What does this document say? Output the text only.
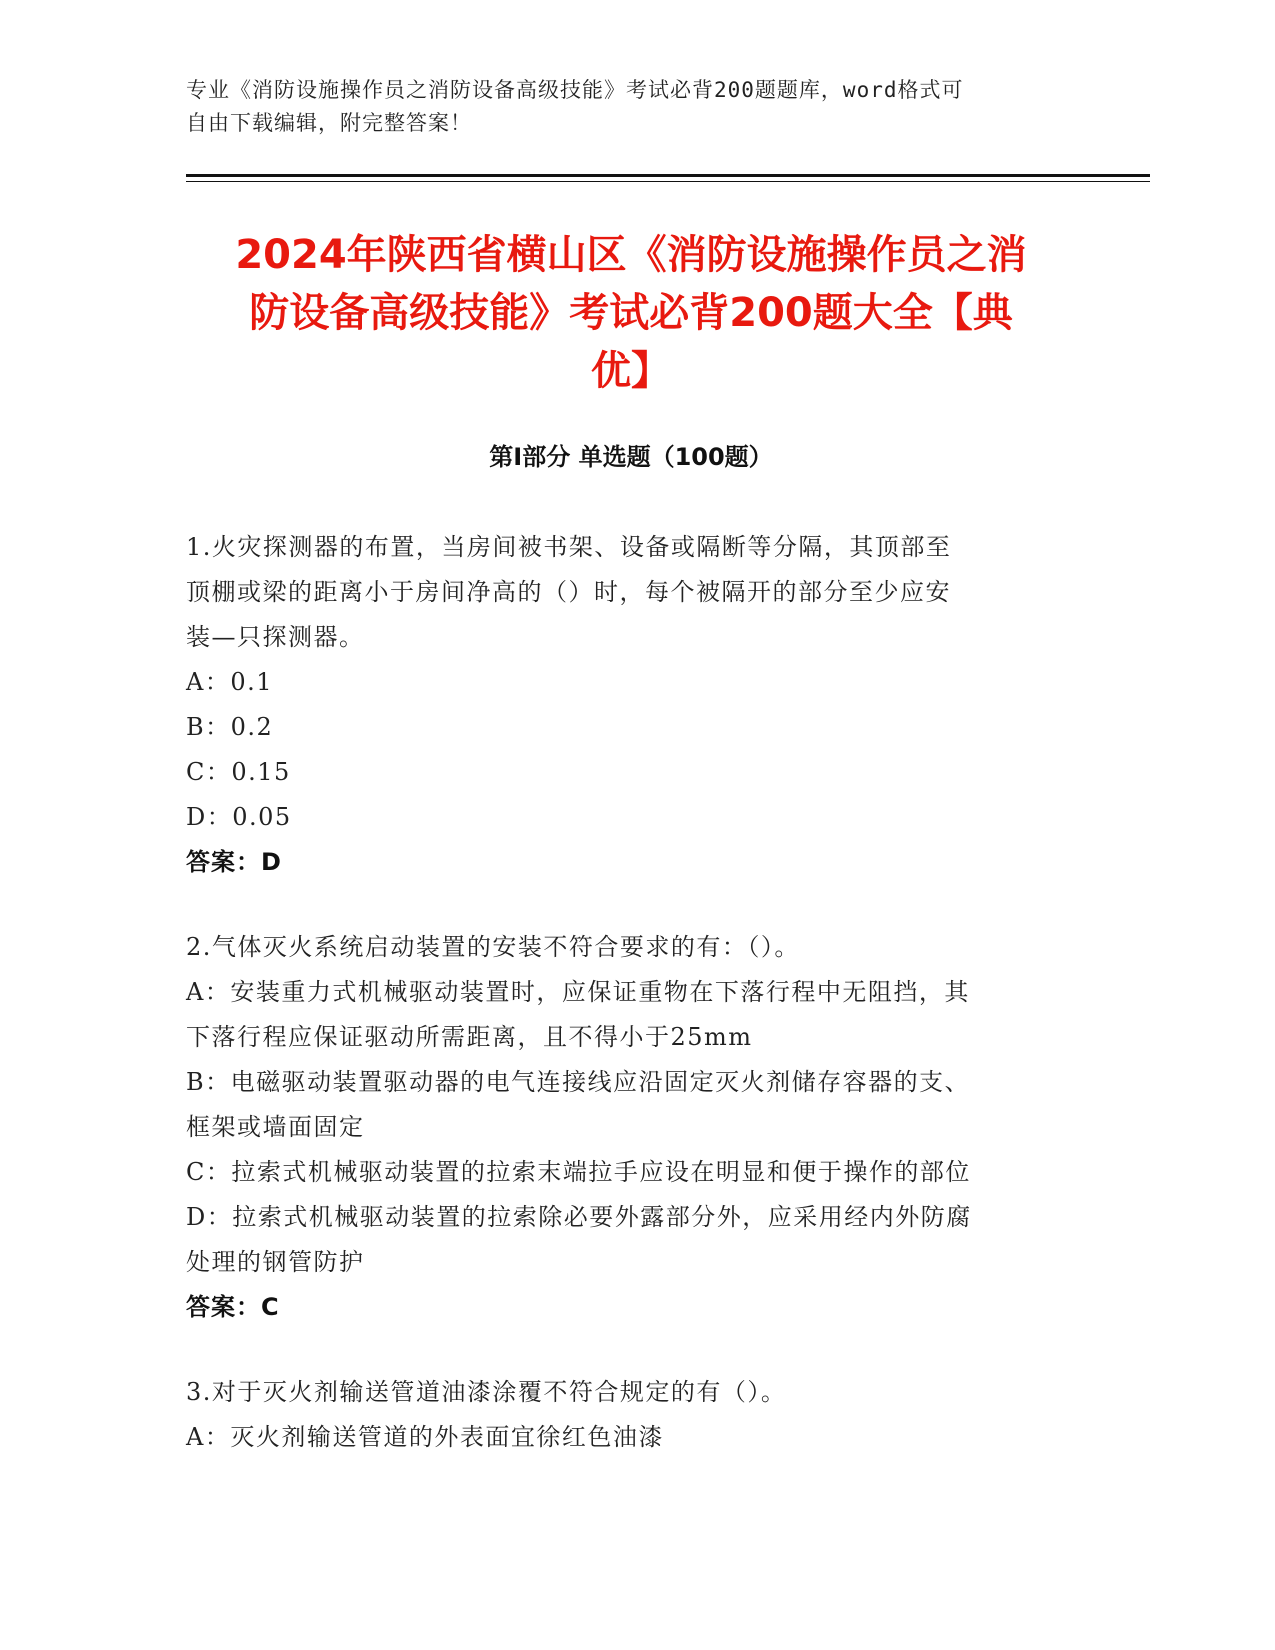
专业《消防设施操作员之消防设备高级技能》考试必背200题题库，word格式可
自由下载编辑，附完整答案！
2024年陕西省横山区《消防设施操作员之消
防设备高级技能》考试必背200题大全【典
优】
第I部分 单选题（100题）

1.火灾探测器的布置，当房间被书架、设备或隔断等分隔，其顶部至

顶棚或梁的距离小于房间净高的（）时，每个被隔开的部分至少应安

装—只探测器。

A：0.1

B：0.2

C：0.15

D：0.05

答案：D

2.气体灭火系统启动装置的安装不符合要求的有：（）。

A：安装重力式机械驱动装置时，应保证重物在下落行程中无阻挡，其

下落行程应保证驱动所需距离，且不得小于25mm

B：电磁驱动装置驱动器的电气连接线应沿固定灭火剂储存容器的支、

框架或墙面固定

C：拉索式机械驱动装置的拉索末端拉手应设在明显和便于操作的部位

D：拉索式机械驱动装置的拉索除必要外露部分外，应采用经内外防腐

处理的钢管防护

答案：C

3.对于灭火剂输送管道油漆涂覆不符合规定的有（）。

A：灭火剂输送管道的外表面宜徐红色油漆
